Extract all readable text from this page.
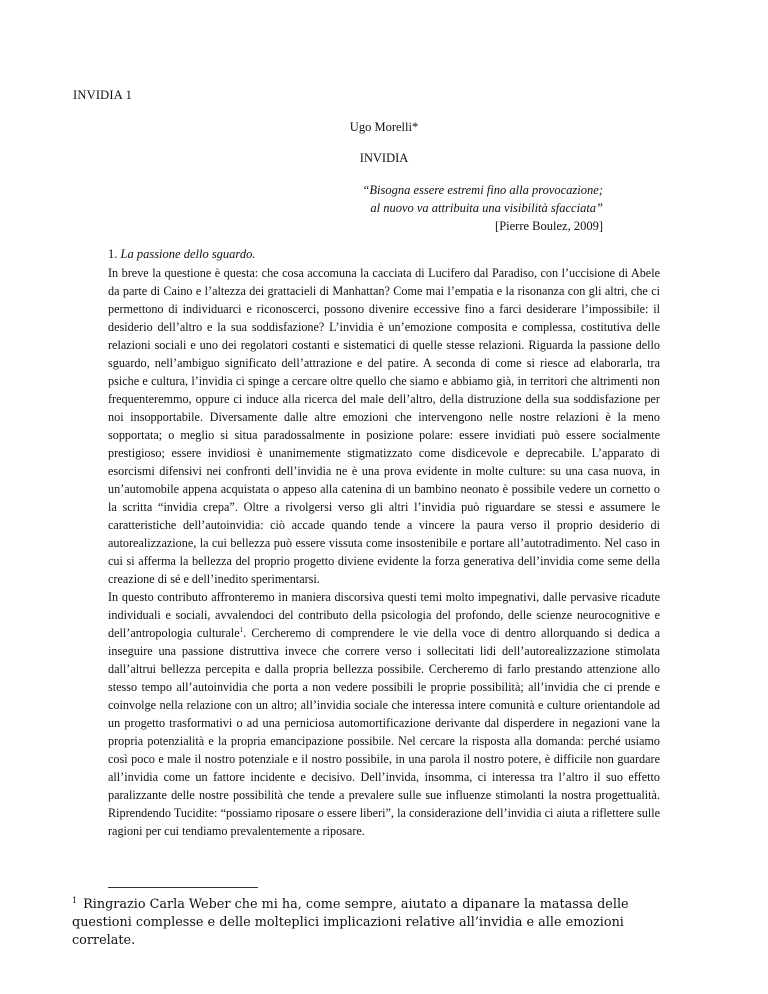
INVIDIA 1
Ugo Morelli*
INVIDIA
“Bisogna essere estremi fino alla provocazione;
al nuovo va attribuita una visibilità sfacciata”
[Pierre Boulez, 2009]
1. La passione dello sguardo.

In breve la questione è questa: che cosa accomuna la cacciata di Lucifero dal Paradiso, con l’uccisione di Abele da parte di Caino e l’altezza dei grattacieli di Manhattan? Come mai l’empatia e la risonanza con gli altri, che ci permettono di individuarci e riconoscerci, possono divenire eccessive fino a farci desiderare l’impossibile: il desiderio dell’altro e la sua soddisfazione? L’invidia è un’emozione composita e complessa, costitutiva delle relazioni sociali e uno dei regolatori costanti e sistematici di quelle stesse relazioni. Riguarda la passione dello sguardo, nell’ambiguo significato dell’attrazione e del patire. A seconda di come si riesce ad elaborarla, tra psiche e cultura, l’invidia ci spinge a cercare oltre quello che siamo e abbiamo già, in territori che altrimenti non frequenteremmo, oppure ci induce alla ricerca del male dell’altro, della distruzione della sua soddisfazione per noi insopportabile. Diversamente dalle altre emozioni che intervengono nelle nostre relazioni è la meno sopportata; o meglio si situa paradossalmente in posizione polare: essere invidiati può essere socialmente prestigioso; essere invidiosi è unanimemente stigmatizzato come disdicevole e deprecabile. L’apparato di esorcismi difensivi nei confronti dell’invidia ne è una prova evidente in molte culture: su una casa nuova, in un’automobile appena acquistata o appeso alla catenina di un bambino neonato è possibile vedere un cornetto o la scritta “invidia crepa”. Oltre a rivolgersi verso gli altri l’invidia può riguardare se stessi e assumere le caratteristiche dell’autoinvidia: ciò accade quando tende a vincere la paura verso il proprio desiderio di autorealizzazione, la cui bellezza può essere vissuta come insostenibile e portare all’autotradimento. Nel caso in cui si afferma la bellezza del proprio progetto diviene evidente la forza generativa dell’invidia come seme della creazione di sé e dell’inedito sperimentarsi.

In questo contributo affronteremo in maniera discorsiva questi temi molto impegnativi, dalle pervasive ricadute individuali e sociali, avvalendoci del contributo della psicologia del profondo, delle scienze neurocognitive e dell’antropologia culturale$^1$. Cercheremo di comprendere le vie della voce di dentro allorquando si dedica a inseguire una passione distruttiva invece che correre verso i sollecitati lidi dell’autorealizzazione stimolata dall’altrui bellezza percepita e dalla propria bellezza possibile. Cercheremo di farlo prestando attenzione allo stesso tempo all’autoinvidia che porta a non vedere possibili le proprie possibilità; all’invidia che ci prende e coinvolge nella relazione con un altro; all’invidia sociale che interessa intere comunità e culture orientandole ad un progetto trasformativi o ad una perniciosa automortificazione derivante dal disperdere in negazioni vane la propria potenzialità e la propria emancipazione possibile. Nel cercare la risposta alla domanda: perché usiamo così poco e male il nostro potenziale e il nostro possibile, in una parola il nostro potere, è difficile non guardare all’invidia come un fattore incidente e decisivo. Dell’invida, insomma, ci interessa tra l’altro il suo effetto paralizzante delle nostre possibilità che tende a prevalere sulle sue influenze stimolanti la nostra progettualità. Riprendendo Tucidite: “possiamo riposare o essere liberi”, la considerazione dell’invidia ci aiuta a riflettere sulle ragioni per cui tendiamo prevalentemente a riposare.

$^1$ Ringrazio Carla Weber che mi ha, come sempre, aiutato a dipanare la matassa delle questioni complesse e delle molteplici implicazioni relative all’invidia e alle emozioni correlate.
